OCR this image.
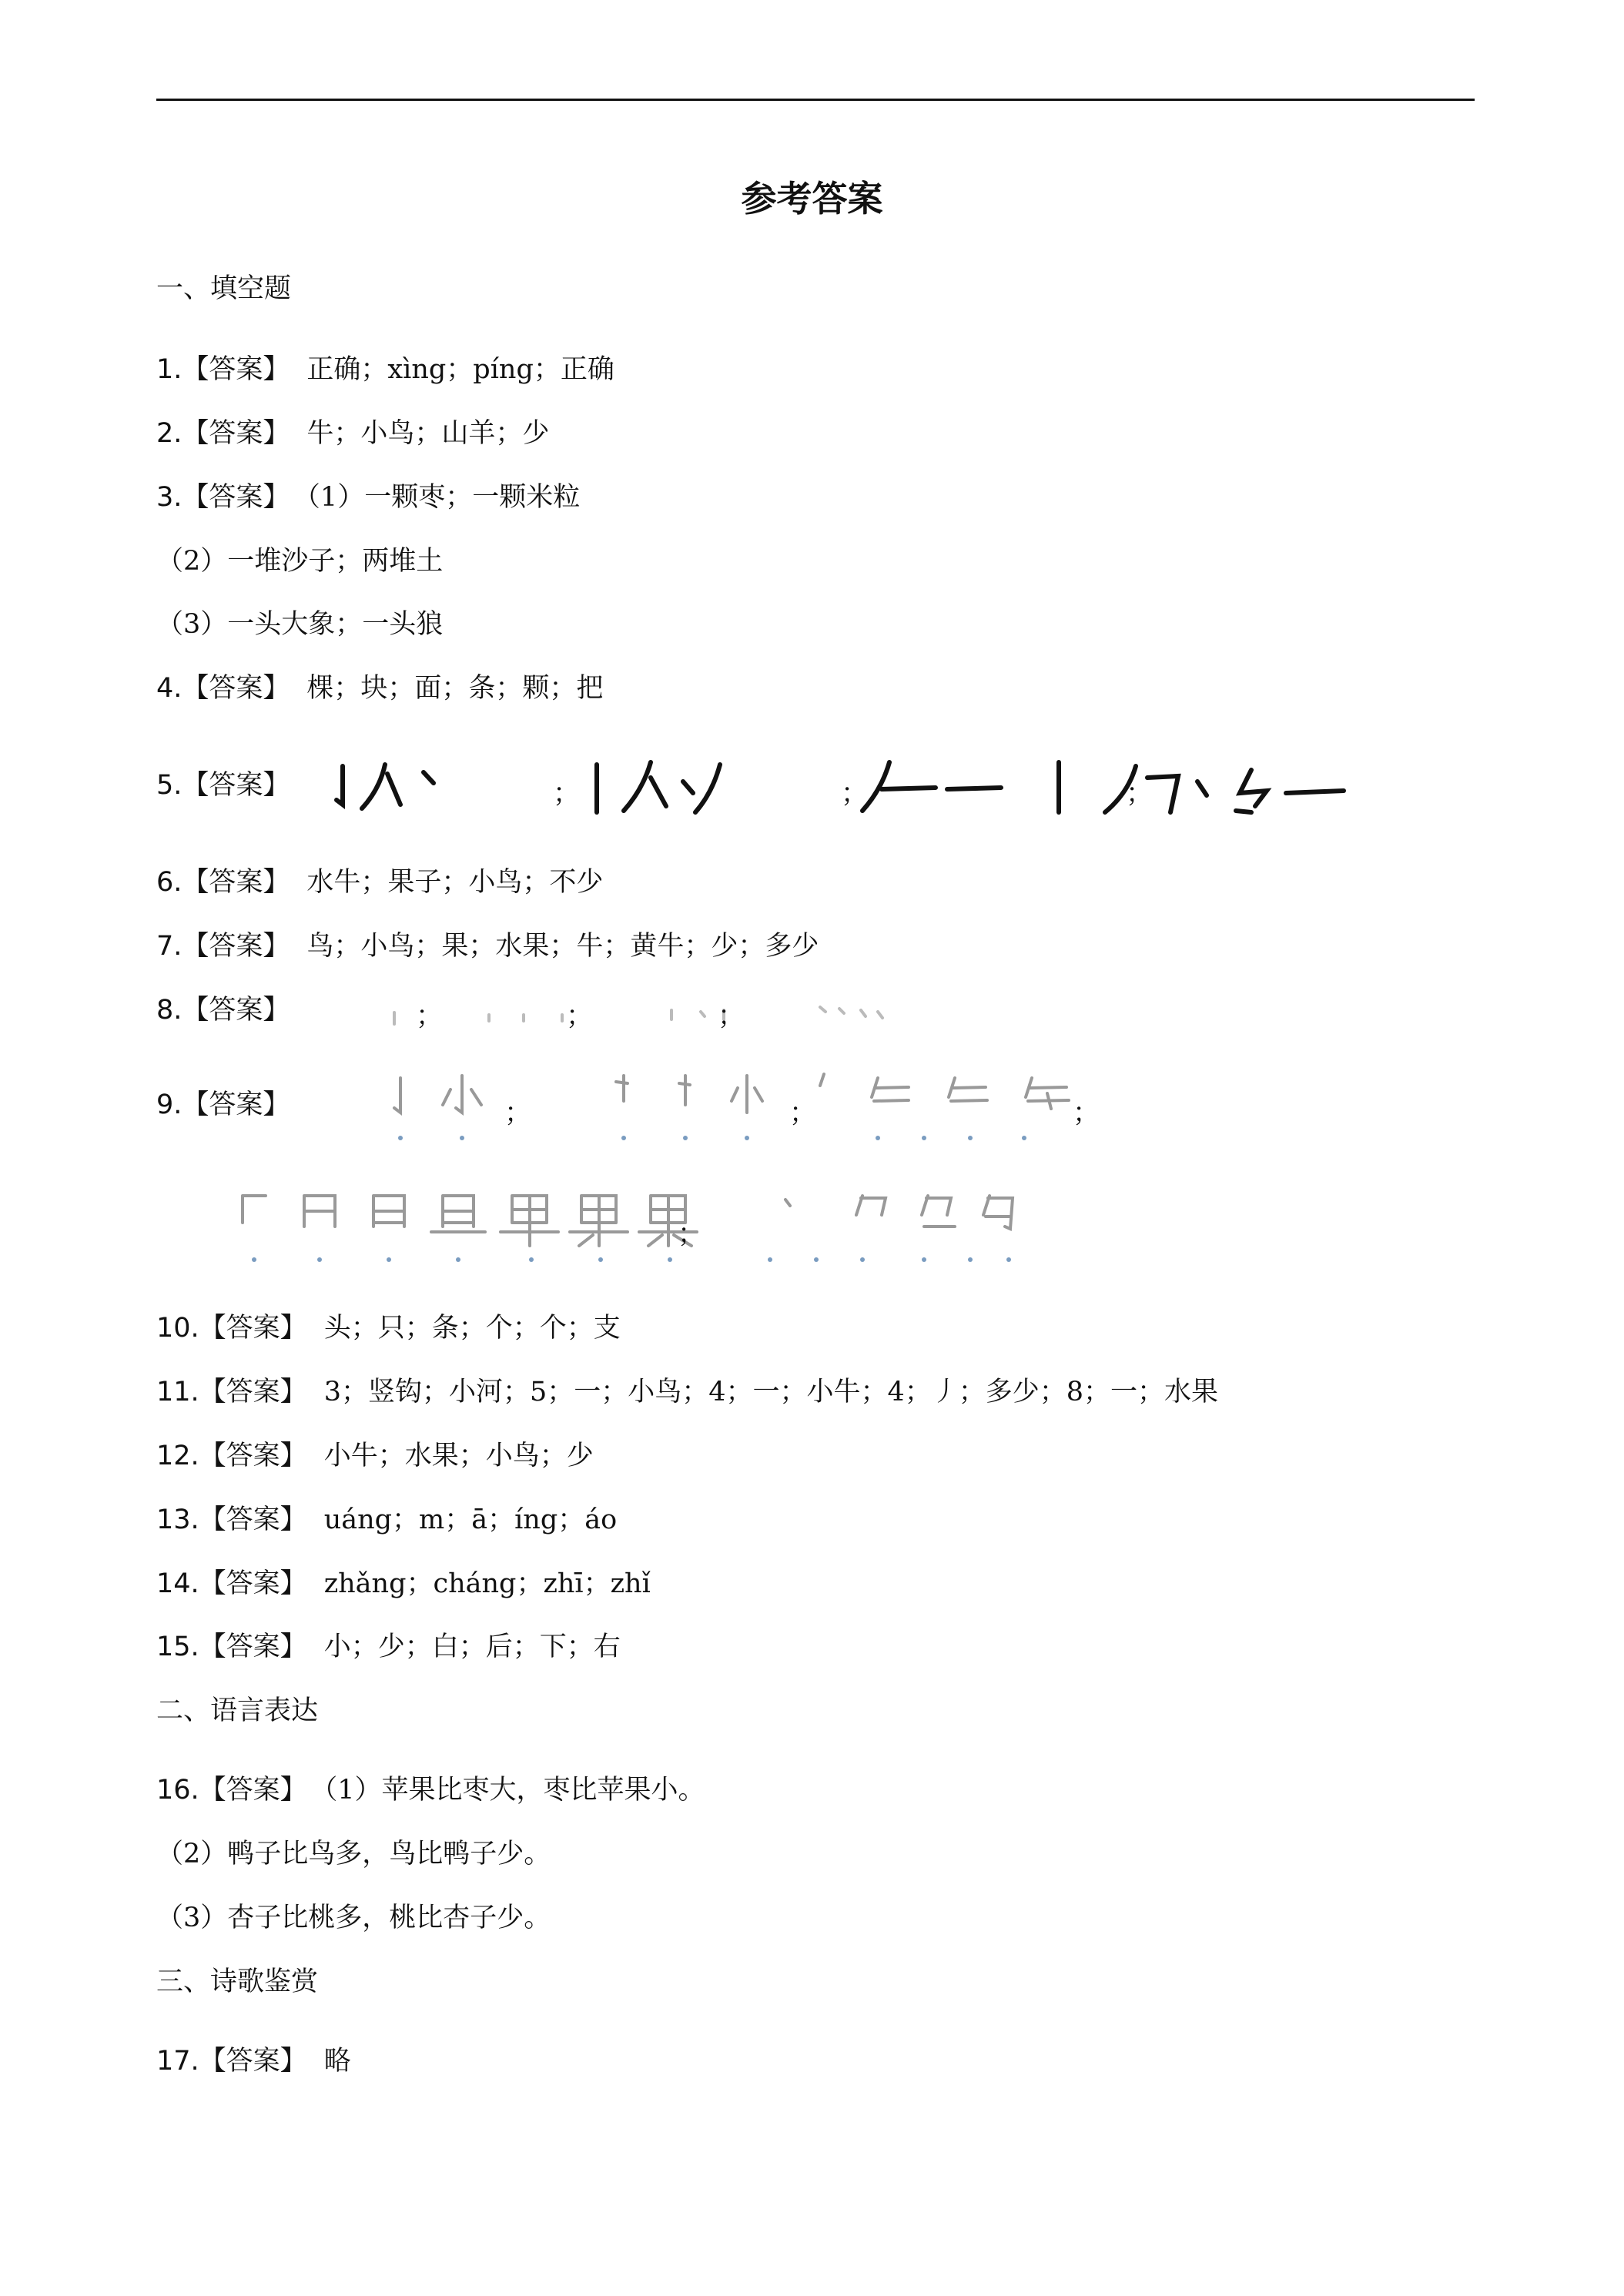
参考答案
一、填空题
1.【答案】 正确；xìng；píng；正确
2.【答案】 牛；小鸟；山羊；少
3.【答案】 （1）一颗枣；一颗米粒
（2）一堆沙子；两堆土
（3）一头大象；一头狼
4.【答案】 棵；块；面；条；颗；把
5.【答案】	；	；	；
6.【答案】 水牛；果子；小鸟；不少
7.【答案】 鸟；小鸟；果；水果；牛；黄牛；少；多少
8.【答案】	；	；	；
9.【答案】	；	；	；
；
10.【答案】 头；只；条；个；个；支
11.【答案】 3；竖钩；小河；5；一；小鸟；4；一；小牛；4；丿；多少；8；一；水果
12.【答案】 小牛；水果；小鸟；少
13.【答案】 uáng；m；ā；íng；áo
14.【答案】 zhǎng；cháng；zhī；zhǐ
15.【答案】 小；少；白；后；下；右
二、语言表达
16.【答案】 （1）苹果比枣大，枣比苹果小。
（2）鸭子比鸟多，鸟比鸭子少。
（3）杏子比桃多，桃比杏子少。
三、诗歌鉴赏
17.【答案】 略
